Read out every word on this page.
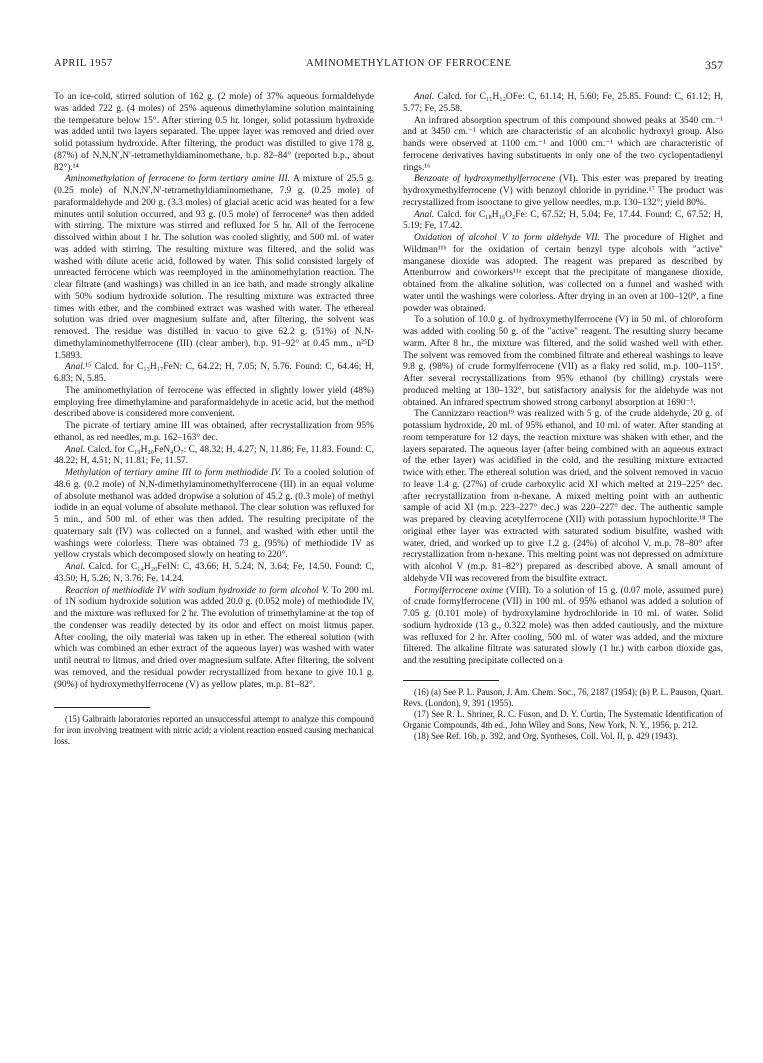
APRIL 1957	AMINOMETHYLATION OF FERROCENE	357

To an ice-cold, stirred solution of 162 g. (2 mole) of 37% aqueous formaldehyde was added 722 g. (4 moles) of 25% aqueous dimethylamine solution maintaining the temperature below 15°. After stirring 0.5 hr. longer, solid potassium hydroxide was added until two layers separated. The upper layer was removed and dried over solid potassium hydroxide. After filtering, the product was distilled to give 178 g. (87%) of N,N,N′,N′-tetramethyldiaminomethane, b.p. 82–84° (reported b.p., about 82°).¹⁴

Aminomethylation of ferrocene to form tertiary amine III. A mixture of 25.5 g. (0.25 mole) of N,N,N′,N′-tetramethyldiaminomethane, 7.9 g. (0.25 mole) of paraformaldehyde and 200 g. (3.3 moles) of glacial acetic acid was heated for a few minutes until solution occurred, and 93 g. (0.5 mole) of ferrocene⁸ was then added with stirring. The mixture was stirred and refluxed for 5 hr. All of the ferrocene dissolved within about 1 hr. The solution was cooled slightly, and 500 ml. of water was added with stirring. The resulting mixture was filtered, and the solid was washed with dilute acetic acid, followed by water. This solid consisted largely of unreacted ferrocene which was reemployed in the aminomethylation reaction. The clear filtrate (and washings) was chilled in an ice bath, and made strongly alkaline with 50% sodium hydroxide solution. The resulting mixture was extracted three times with ether, and the combined extract was washed with water. The ethereal solution was dried over magnesium sulfate and, after filtering, the solvent was removed. The residue was distilled in vacuo to give 62.2 g. (51%) of N,N-dimethylaminomethylferrocene (III) (clear amber), b.p. 91–92° at 0.45 mm., n²⁵D 1.5893.

Anal.¹⁵ Calcd. for C₁₃H₁₇FeN: C, 64.22; H, 7.05; N, 5.76. Found: C, 64.46; H, 6.83; N, 5.85.

The aminomethylation of ferrocene was effected in slightly lower yield (48%) employing free dimethylamine and paraformaldehyde in acetic acid, but the method described above is considered more convenient.

The picrate of tertiary amine III was obtained, after recrystallization from 95% ethanol, as red needles, m.p. 162–163° dec.

Anal. Calcd. for C₁₉H₂₀FeN₄O₇: C, 48.32; H, 4.27; N, 11.86; Fe, 11.83. Found: C, 48.22; H, 4.51; N, 11.81; Fe, 11.57.

Methylation of tertiary amine III to form methiodide IV. To a cooled solution of 48.6 g. (0.2 mole) of N,N-dimethylaminomethylferrocene (III) in an equal volume of absolute methanol was added dropwise a solution of 45.2 g. (0.3 mole) of methyl iodide in an equal volume of absolute methanol. The clear solution was refluxed for 5 min., and 500 ml. of ether was then added. The resulting precipitate of the quaternary salt (IV) was collected on a funnel, and washed with ether until the washings were colorless. There was obtained 73 g. (95%) of methiodide IV as yellow crystals which decomposed slowly on heating to 220°.

Anal. Calcd. for C₁₄H₂₀FeIN: C, 43.66; H, 5.24; N, 3.64; Fe, 14.50. Found: C, 43.50; H, 5.26; N, 3.76; Fe, 14.24.

Reaction of methiodide IV with sodium hydroxide to form alcohol V. To 200 ml. of 1N sodium hydroxide solution was added 20.0 g. (0.052 mole) of methiodide IV, and the mixture was refluxed for 2 hr. The evolution of trimethylamine at the top of the condenser was readily detected by its odor and effect on moist litmus paper. After cooling, the oily material was taken up in ether. The ethereal solution (with which was combined an ether extract of the aqueous layer) was washed with water until neutral to litmus, and dried over magnesium sulfate. After filtering, the solvent was removed, and the residual powder recrystallized from hexane to give 10.1 g. (90%) of hydroxymethylferrocene (V) as yellow plates, m.p. 81–82°.

(15) Galbraith laboratories reported an unsuccessful attempt to analyze this compound for iron involving treatment with nitric acid; a violent reaction ensued causing mechanical loss.

Anal. Calcd. for C₁₁H₁₂OFe: C, 61.14; H, 5.60; Fe, 25.85. Found: C, 61.12; H, 5.77; Fe, 25.58.

An infrared absorption spectrum of this compound showed peaks at 3540 cm.⁻¹ and at 3450 cm.⁻¹ which are characteristic of an alcoholic hydroxyl group. Also bands were observed at 1100 cm.⁻¹ and 1000 cm.⁻¹ which are characteristic of ferrocene derivatives having substituents in only one of the two cyclopentadienyl rings.¹⁶

Benzoate of hydroxymethylferrocene (VI). This ester was prepared by treating hydroxymethylferrocene (V) with benzoyl chloride in pyridine.¹⁷ The product was recrystallized from isooctane to give yellow needles, m.p. 130–132°; yield 80%.

Anal. Calcd. for C₁₈H₁₆O₂Fe: C, 67.52; H, 5.04; Fe, 17.44. Found: C, 67.52; H, 5.19; Fe, 17.42.

Oxidation of alcohol V to form aldehyde VII. The procedure of Highet and Wildman¹¹ᵇ for the oxidation of certain benzyl type alcohols with "active" manganese dioxide was adopted. The reagent was prepared as described by Attenburrow and coworkers¹¹ᵃ except that the precipitate of manganese dioxide, obtained from the alkaline solution, was collected on a funnel and washed with water until the washings were colorless. After drying in an oven at 100–120°, a fine powder was obtained.

To a solution of 10.0 g. of hydroxymethylferrocene (V) in 50 ml. of chloroform was added with cooling 50 g. of the "active" reagent. The resulting slurry became warm. After 8 hr., the mixture was filtered, and the solid washed well with ether. The solvent was removed from the combined filtrate and ethereal washings to leave 9.8 g. (98%) of crude formylferrocene (VII) as a flaky red solid, m.p. 100–115°. After several recrystallizations from 95% ethanol (by chilling) crystals were produced melting at 130–132°, but satisfactory analysis for the aldehyde was not obtained. An infrared spectrum showed strong carbonyl absorption at 1690⁻¹.

The Cannizzaro reaction¹⁹ was realized with 5 g. of the crude aldehyde, 20 g. of potassium hydroxide, 20 ml. of 95% ethanol, and 10 ml. of water. After standing at room temperature for 12 days, the reaction mixture was shaken with ether, and the layers separated. The aqueous layer (after being combined with an aqueous extract of the ether layer) was acidified in the cold, and the resulting mixture extracted twice with ether. The ethereal solution was dried, and the solvent removed in vacuo to leave 1.4 g. (27%) of crude carboxylic acid XI which melted at 219–225° dec. after recrystallization from n-hexane. A mixed melting point with an authentic sample of acid XI (m.p. 223–227° dec.) was 220–227° dec. The authentic sample was prepared by cleaving acetylferrocene (XII) with potassium hypochlorite.¹⁸ The original ether layer was extracted with saturated sodium bisulfite, washed with water, dried, and worked up to give 1.2 g. (24%) of alcohol V, m.p. 78–80° after recrystallization from n-hexane. This melting point was not depressed on admixture with alcohol V (m.p. 81–82°) prepared as described above. A small amount of aldehyde VII was recovered from the bisulfite extract.

Formylferrocene oxime (VIII). To a solution of 15 g. (0.07 mole, assumed pure) of crude formylferrocene (VII) in 100 ml. of 95% ethanol was added a solution of 7.05 g. (0.101 mole) of hydroxylamine hydrochloride in 10 ml. of water. Solid sodium hydroxide (13 g., 0.322 mole) was then added cautiously, and the mixture was refluxed for 2 hr. After cooling, 500 ml. of water was added, and the mixture filtered. The alkaline filtrate was saturated slowly (1 hr.) with carbon dioxide gas, and the resulting precipitate collected on a

(16) (a) See P. L. Pauson, J. Am. Chem. Soc., 76, 2187 (1954); (b) P. L. Pauson, Quart. Revs. (London), 9, 391 (1955).

(17) See R. L. Shriner, R. C. Fuson, and D. Y. Curtin, The Systematic Identification of Organic Compounds, 4th ed., John Wiley and Sons, New York, N. Y., 1956, p. 212.

(18) See Ref. 16b, p. 392, and Org. Syntheses, Coll. Vol. II, p. 429 (1943).
